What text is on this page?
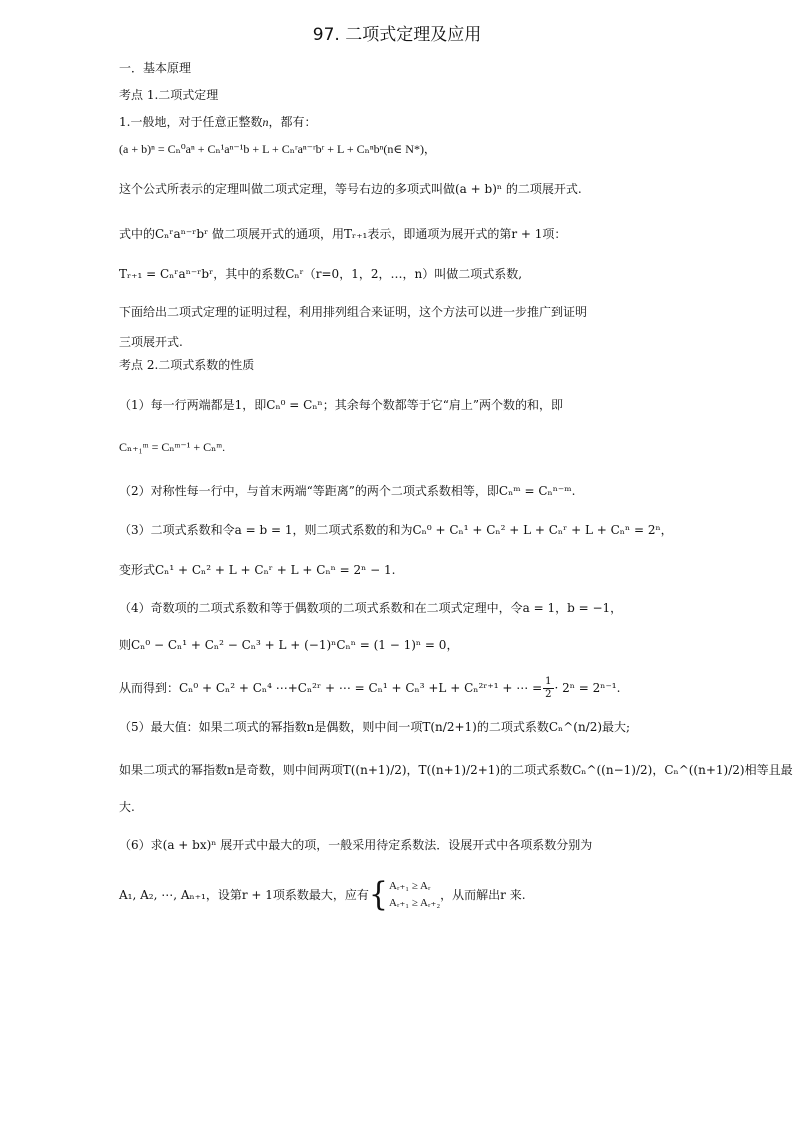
97. 二项式定理及应用
一．基本原理
考点 1.二项式定理
1.一般地，对于任意正整数n，都有：
(a + b)ⁿ = Cₙ⁰aⁿ + Cₙ¹aⁿ⁻¹b + L + Cₙʳaⁿ⁻ʳbʳ + L + Cₙⁿbⁿ(n∈ N*)，
这个公式所表示的定理叫做二项式定理，等号右边的多项式叫做(a + b)ⁿ 的二项展开式.
式中的Cₙʳaⁿ⁻ʳbʳ 做二项展开式的通项，用Tᵣ₊₁表示，即通项为展开式的第r + 1项：
Tᵣ₊₁ = Cₙʳaⁿ⁻ʳbʳ，其中的系数Cₙʳ（r=0，1，2，…，n）叫做二项式系数,
下面给出二项式定理的证明过程，利用排列组合来证明，这个方法可以进一步推广到证明
三项展开式.
考点 2.二项式系数的性质
（1）每一行两端都是1，即Cₙ⁰ = Cₙⁿ；其余每个数都等于它“肩上”两个数的和，即
Cₙ₊₁ᵐ = Cₙᵐ⁻¹ + Cₙᵐ.
（2）对称性每一行中，与首末两端“等距离”的两个二项式系数相等，即Cₙᵐ = Cₙⁿ⁻ᵐ.
（3）二项式系数和令a = b = 1，则二项式系数的和为Cₙ⁰ + Cₙ¹ + Cₙ² + L + Cₙʳ + L + Cₙⁿ = 2ⁿ，
变形式Cₙ¹ + Cₙ² + L + Cₙʳ + L + Cₙⁿ = 2ⁿ − 1.
（4）奇数项的二项式系数和等于偶数项的二项式系数和在二项式定理中，令a = 1，b = −1，
则Cₙ⁰ − Cₙ¹ + Cₙ² − Cₙ³ + L + (−1)ⁿCₙⁿ = (1 − 1)ⁿ = 0，
从而得到：Cₙ⁰ + Cₙ² + Cₙ⁴ ⋯+Cₙ²ʳ + ⋯ = Cₙ¹ + Cₙ³ +L + Cₙ²ʳ⁺¹ + ⋯ = $\frac{1}{2} \cdot 2^n = 2^{n-1}$.
（5）最大值：如果二项式的幂指数n是偶数，则中间一项T(n/2+1)的二项式系数Cₙ^(n/2)最大;
如果二项式的幂指数n是奇数，则中间两项T((n+1)/2)，T((n+1)/2+1)的二项式系数Cₙ^((n−1)/2)，Cₙ^((n+1)/2)相等且最
大.
（6）求(a + bx)ⁿ 展开式中最大的项，一般采用待定系数法．设展开式中各项系数分别为
A₁, A₂, ⋯, Aₙ₊₁，设第r + 1项系数最大，应有{ Aᵣ₊₁ ≥ Aᵣ
Aᵣ₊₁ ≥ Aᵣ₊₂
，从而解出r 来.
